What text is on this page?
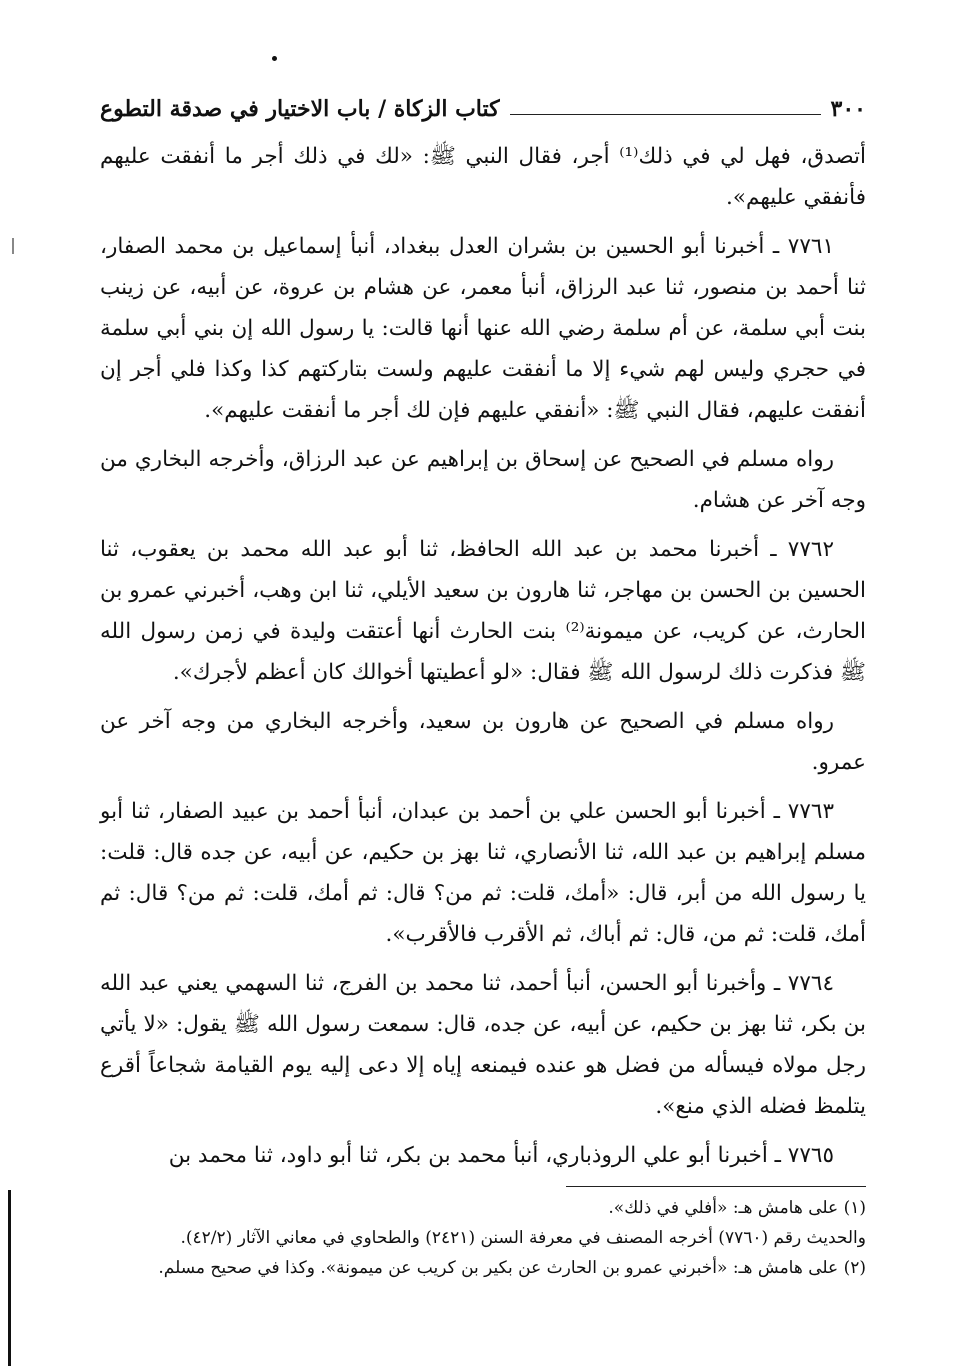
٣٠٠
كتاب الزكاة / باب الاختيار في صدقة التطوع

أتصدق، فهل لي في ذلك⁽¹⁾ أجر، فقال النبي ﷺ: «لك في ذلك أجر ما أنفقت عليهم فأنفقي عليهم».

٧٧٦١ ـ أخبرنا أبو الحسين بن بشران العدل ببغداد، أنبأ إسماعيل بن محمد الصفار، ثنا أحمد بن منصور، ثنا عبد الرزاق، أنبأ معمر، عن هشام بن عروة، عن أبيه، عن زينب بنت أبي سلمة، عن أم سلمة رضي الله عنها أنها قالت: يا رسول الله إن بني أبي سلمة في حجري وليس لهم شيء إلا ما أنفقت عليهم ولست بتاركتهم كذا وكذا فلي أجر إن أنفقت عليهم، فقال النبي ﷺ: «أنفقي عليهم فإن لك أجر ما أنفقت عليهم».

رواه مسلم في الصحيح عن إسحاق بن إبراهيم عن عبد الرزاق، وأخرجه البخاري من وجه آخر عن هشام.

٧٧٦٢ ـ أخبرنا محمد بن عبد الله الحافظ، ثنا أبو عبد الله محمد بن يعقوب، ثنا الحسين بن الحسن بن مهاجر، ثنا هارون بن سعيد الأيلي، ثنا ابن وهب، أخبرني عمرو بن الحارث، عن كريب، عن ميمونة⁽²⁾ بنت الحارث أنها أعتقت وليدة في زمن رسول الله ﷺ فذكرت ذلك لرسول الله ﷺ فقال: «لو أعطيتها أخوالك كان أعظم لأجرك».

رواه مسلم في الصحيح عن هارون بن سعيد، وأخرجه البخاري من وجه آخر عن عمرو.

٧٧٦٣ ـ أخبرنا أبو الحسن علي بن أحمد بن عبدان، أنبأ أحمد بن عبيد الصفار، ثنا أبو مسلم إبراهيم بن عبد الله، ثنا الأنصاري، ثنا بهز بن حكيم، عن أبيه، عن جده قال: قلت: يا رسول الله من أبر، قال: «أمك، قلت: ثم من؟ قال: ثم أمك، قلت: ثم من؟ قال: ثم أمك، قلت: ثم من، قال: ثم أباك، ثم الأقرب فالأقرب».

٧٧٦٤ ـ وأخبرنا أبو الحسن، أنبأ أحمد، ثنا محمد بن الفرج، ثنا السهمي يعني عبد الله بن بكر، ثنا بهز بن حكيم، عن أبيه، عن جده، قال: سمعت رسول الله ﷺ يقول: «لا يأتي رجل مولاه فيسأله من فضل هو عنده فيمنعه إياه إلا دعى إليه يوم القيامة شجاعاً أقرع يتلمظ فضله الذي منع».

٧٧٦٥ ـ أخبرنا أبو علي الروذباري، أنبأ محمد بن بكر، ثنا أبو داود، ثنا محمد بن

(١) على هامش هـ: «أفلي في ذلك».

والحديث رقم (٧٧٦٠) أخرجه المصنف في معرفة السنن (٢٤٢١) والطحاوي في معاني الآثار (٤٢/٢).

(٢) على هامش هـ: «أخبرني عمرو بن الحارث عن بكير بن كريب عن ميمونة». وكذا في صحيح مسلم.
